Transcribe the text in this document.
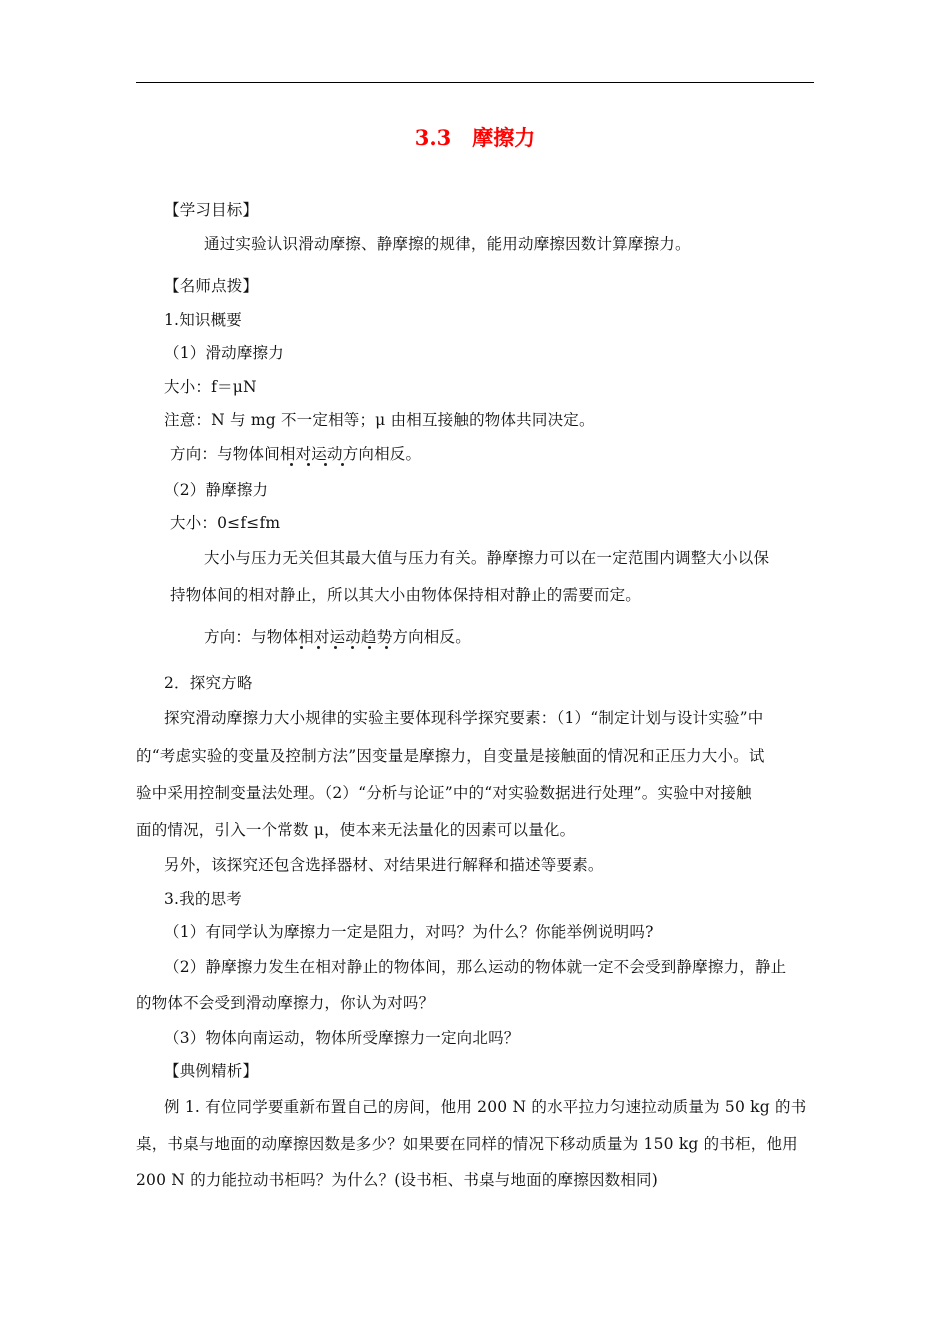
3.3　摩擦力
【学习目标】
通过实验认识滑动摩擦、静摩擦的规律，能用动摩擦因数计算摩擦力。
【名师点拨】
1.知识概要
（1）滑动摩擦力
大小：f＝μN
注意：N 与 mg 不一定相等；μ 由相互接触的物体共同决定。
方向：与物体间相对运动方向相反。
（2）静摩擦力
大小：0≤f≤fm
大小与压力无关但其最大值与压力有关。静摩擦力可以在一定范围内调整大小以保
持物体间的相对静止，所以其大小由物体保持相对静止的需要而定。
方向：与物体相对运动趋势方向相反。
2．探究方略
探究滑动摩擦力大小规律的实验主要体现科学探究要素：（1）“制定计划与设计实验”中
的“考虑实验的变量及控制方法”因变量是摩擦力，自变量是接触面的情况和正压力大小。试
验中采用控制变量法处理。（2）“分析与论证”中的“对实验数据进行处理”。实验中对接触
面的情况，引入一个常数 μ，使本来无法量化的因素可以量化。
另外，该探究还包含选择器材、对结果进行解释和描述等要素。
3.我的思考
（1）有同学认为摩擦力一定是阻力，对吗？为什么？你能举例说明吗?
（2）静摩擦力发生在相对静止的物体间，那么运动的物体就一定不会受到静摩擦力，静止
的物体不会受到滑动摩擦力，你认为对吗？
（3）物体向南运动，物体所受摩擦力一定向北吗？
【典例精析】
例 1. 有位同学要重新布置自己的房间，他用 200 N 的水平拉力匀速拉动质量为 50 kg 的书
桌，书桌与地面的动摩擦因数是多少？如果要在同样的情况下移动质量为 150 kg 的书柜，他用
200 N 的力能拉动书柜吗？为什么？(设书柜、书桌与地面的摩擦因数相同)
